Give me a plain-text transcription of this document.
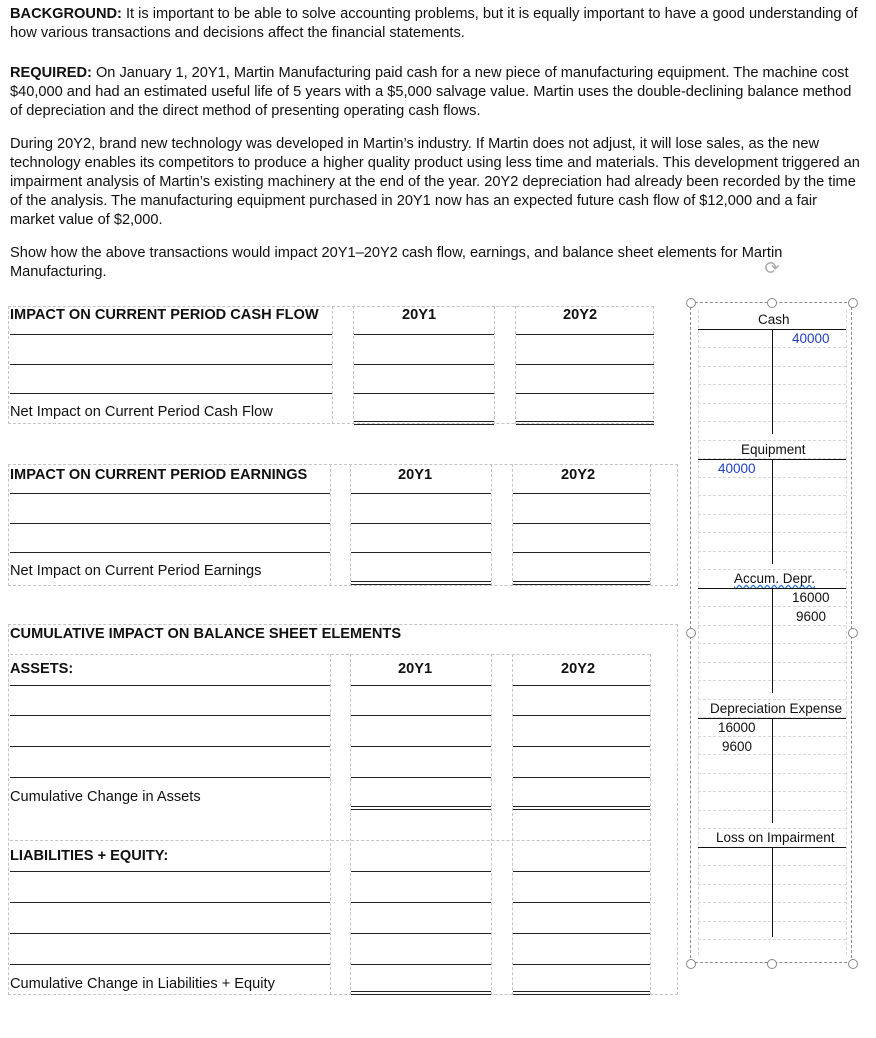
BACKGROUND: It is important to be able to solve accounting problems, but it is equally important to have a good understanding of how various transactions and decisions affect the financial statements.
REQUIRED: On January 1, 20Y1, Martin Manufacturing paid cash for a new piece of manufacturing equipment. The machine cost $40,000 and had an estimated useful life of 5 years with a $5,000 salvage value. Martin uses the double-declining balance method of depreciation and the direct method of presenting operating cash flows.
During 20Y2, brand new technology was developed in Martin’s industry. If Martin does not adjust, it will lose sales, as the new technology enables its competitors to produce a higher quality product using less time and materials. This development triggered an impairment analysis of Martin’s existing machinery at the end of the year. 20Y2 depreciation had already been recorded by the time of the analysis. The manufacturing equipment purchased in 20Y1 now has an expected future cash flow of $12,000 and a fair market value of $2,000.
Show how the above transactions would impact 20Y1–20Y2 cash flow, earnings, and balance sheet elements for Martin Manufacturing.
IMPACT ON CURRENT PERIOD CASH FLOW	20Y1	20Y2
Net Impact on Current Period Cash Flow
IMPACT ON CURRENT PERIOD EARNINGS	20Y1	20Y2
Net Impact on Current Period Earnings
CUMULATIVE IMPACT ON BALANCE SHEET ELEMENTS
ASSETS:	20Y1	20Y2
Cumulative Change in Assets
LIABILITIES + EQUITY:
Cumulative Change in Liabilities + Equity
⟳
Cash
40000
Equipment
40000
Accum. Depr.
16000
9600
Depreciation Expense
16000
9600
Loss on Impairment
